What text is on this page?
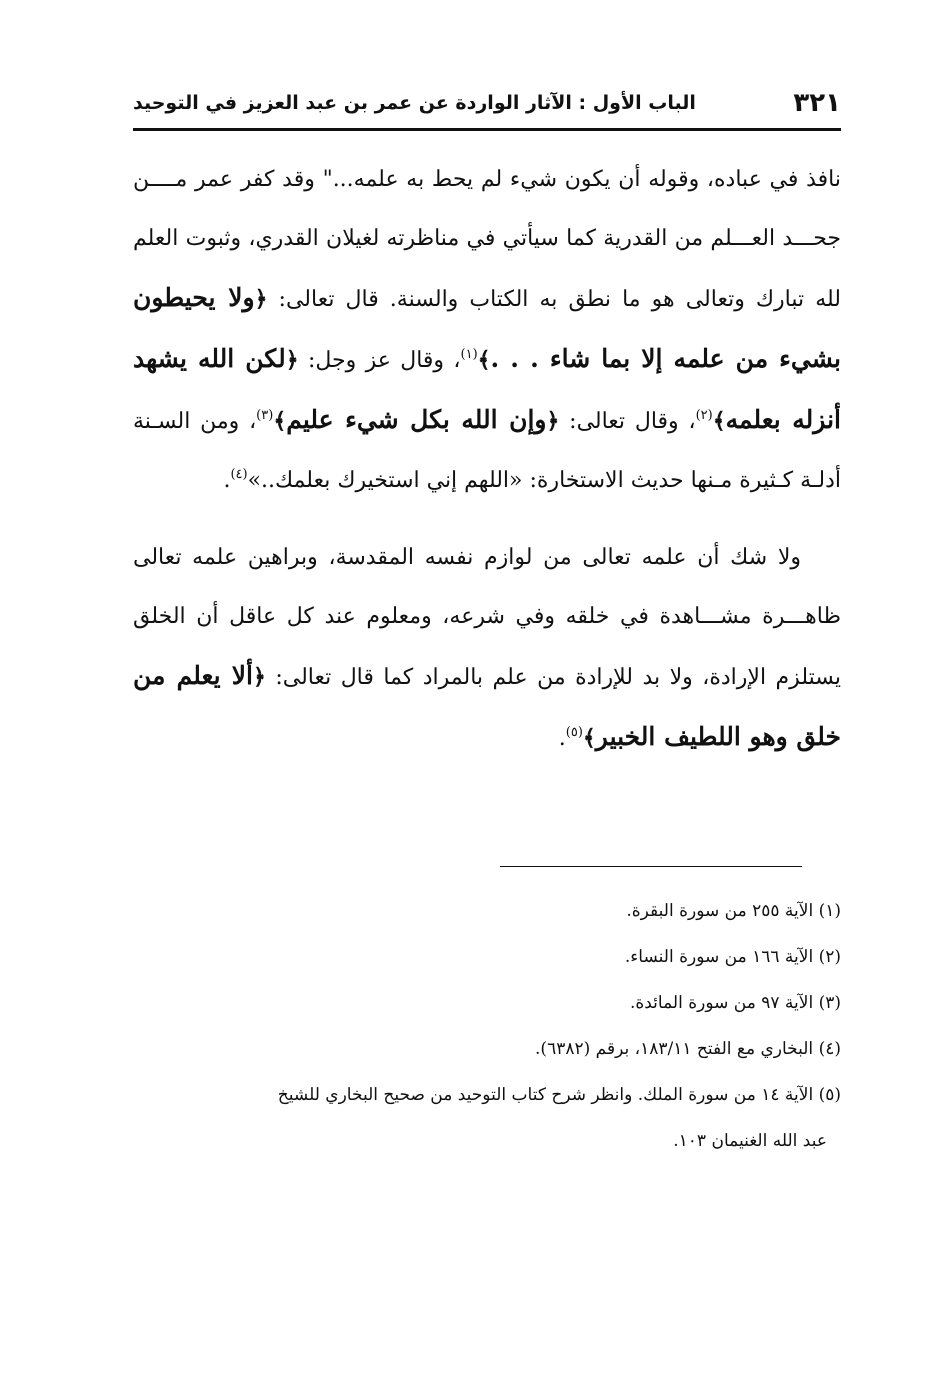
٣٢١
الباب الأول : الآثار الواردة عن عمر بن عبد العزيز في التوحيد

نافذ في عباده، وقوله أن يكون شيء لم يحط به علمه..." وقد كفر عمر مــــن جحـــد العـــلم من القدرية كما سيأتي في مناظرته لغيلان القدري، وثبوت العلم لله تبارك وتعالى هو ما نطق به الكتاب والسنة. قال تعالى: ﴿ولا يحيطون بشيء من علمه إلا بما شاء . . .﴾$^{(١)}$، وقال عز وجل: ﴿لكن الله يشهد أنزله بعلمه﴾$^{(٢)}$، وقال تعالى: ﴿وإن الله بكل شيء عليم﴾$^{(٣)}$، ومن السـنة أدلـة كـثيرة مـنها حديث الاستخارة: «اللهم إني استخيرك بعلمك..»$^{(٤)}$.

ولا شك أن علمه تعالى من لوازم نفسه المقدسة، وبراهين علمه تعالى ظاهـــرة مشـــاهدة في خلقه وفي شرعه، ومعلوم عند كل عاقل أن الخلق يستلزم الإرادة، ولا بد للإرادة من علم بالمراد كما قال تعالى: ﴿ألا يعلم من خلق وهو اللطيف الخبير﴾$^{(٥)}$.

(١) الآية ٢٥٥ من سورة البقرة.

(٢) الآية ١٦٦ من سورة النساء.

(٣) الآية ٩٧ من سورة المائدة.

(٤) البخاري مع الفتح ١٨٣/١١، برقم (٦٣٨٢).

(٥) الآية ١٤ من سورة الملك. وانظر شرح كتاب التوحيد من صحيح البخاري للشيخ

عبد الله الغنيمان ١٠٣.
